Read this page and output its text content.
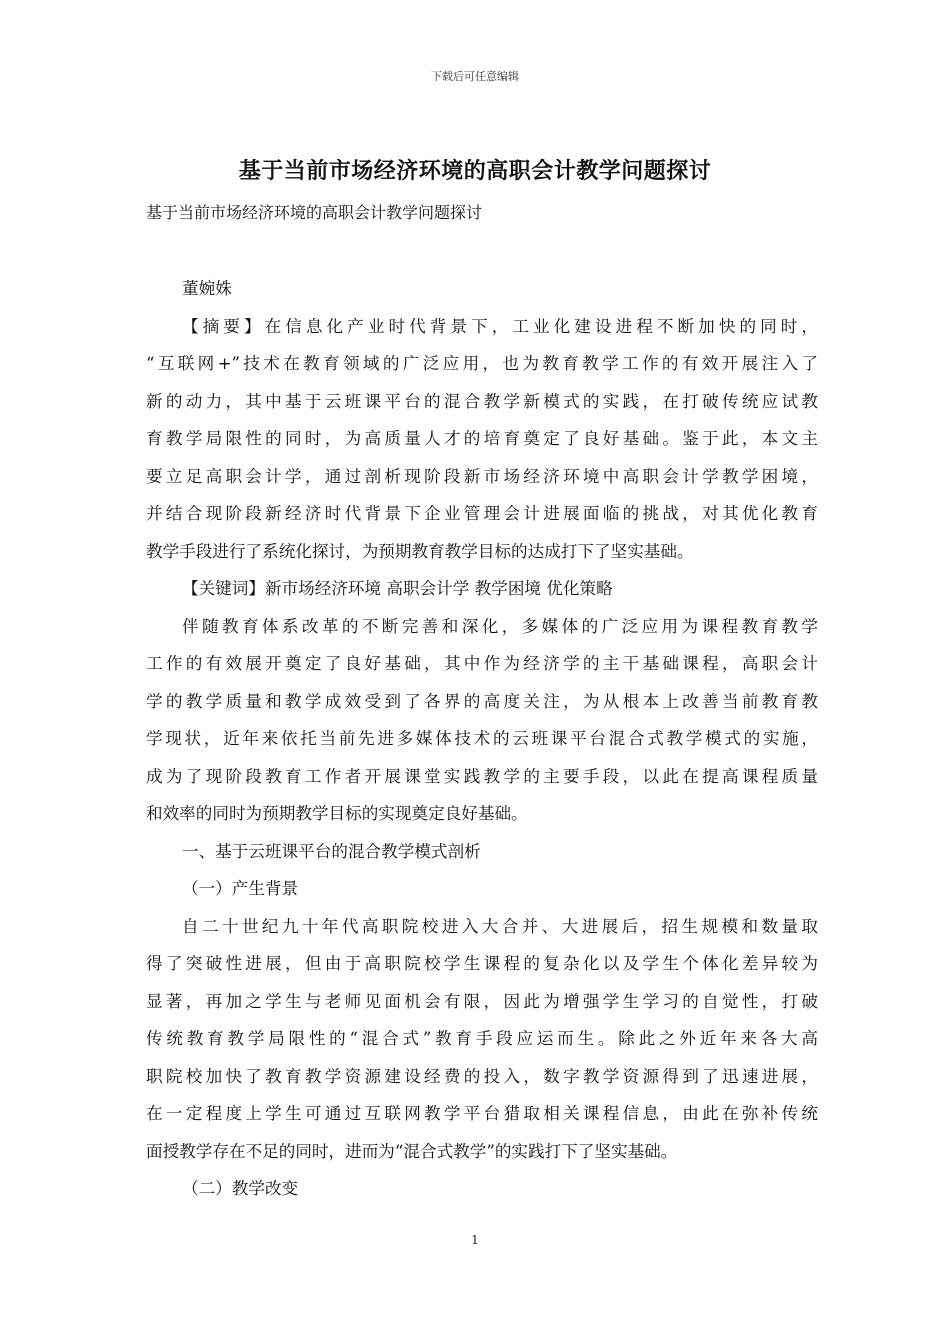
下载后可任意编辑
基于当前市场经济环境的高职会计教学问题探讨
基于当前市场经济环境的高职会计教学问题探讨
董婉姝
【摘要】在信息化产业时代背景下，工业化建设进程不断加快的同时，
“互联网+”技术在教育领域的广泛应用，也为教育教学工作的有效开展注入了
新的动力，其中基于云班课平台的混合教学新模式的实践，在打破传统应试教
育教学局限性的同时，为高质量人才的培育奠定了良好基础。鉴于此，本文主
要立足高职会计学，通过剖析现阶段新市场经济环境中高职会计学教学困境，
并结合现阶段新经济时代背景下企业管理会计进展面临的挑战，对其优化教育
教学手段进行了系统化探讨，为预期教育教学目标的达成打下了坚实基础。
【关键词】新市场经济环境 高职会计学 教学困境 优化策略
伴随教育体系改革的不断完善和深化，多媒体的广泛应用为课程教育教学
工作的有效展开奠定了良好基础，其中作为经济学的主干基础课程，高职会计
学的教学质量和教学成效受到了各界的高度关注，为从根本上改善当前教育教
学现状，近年来依托当前先进多媒体技术的云班课平台混合式教学模式的实施，
成为了现阶段教育工作者开展课堂实践教学的主要手段，以此在提高课程质量
和效率的同时为预期教学目标的实现奠定良好基础。
一、基于云班课平台的混合教学模式剖析
（一）产生背景
自二十世纪九十年代高职院校进入大合并、大进展后，招生规模和数量取
得了突破性进展，但由于高职院校学生课程的复杂化以及学生个体化差异较为
显著，再加之学生与老师见面机会有限，因此为增强学生学习的自觉性，打破
传统教育教学局限性的“混合式”教育手段应运而生。除此之外近年来各大高
职院校加快了教育教学资源建设经费的投入，数字教学资源得到了迅速进展，
在一定程度上学生可通过互联网教学平台猎取相关课程信息，由此在弥补传统
面授教学存在不足的同时，进而为“混合式教学”的实践打下了坚实基础。
（二）教学改变
1
